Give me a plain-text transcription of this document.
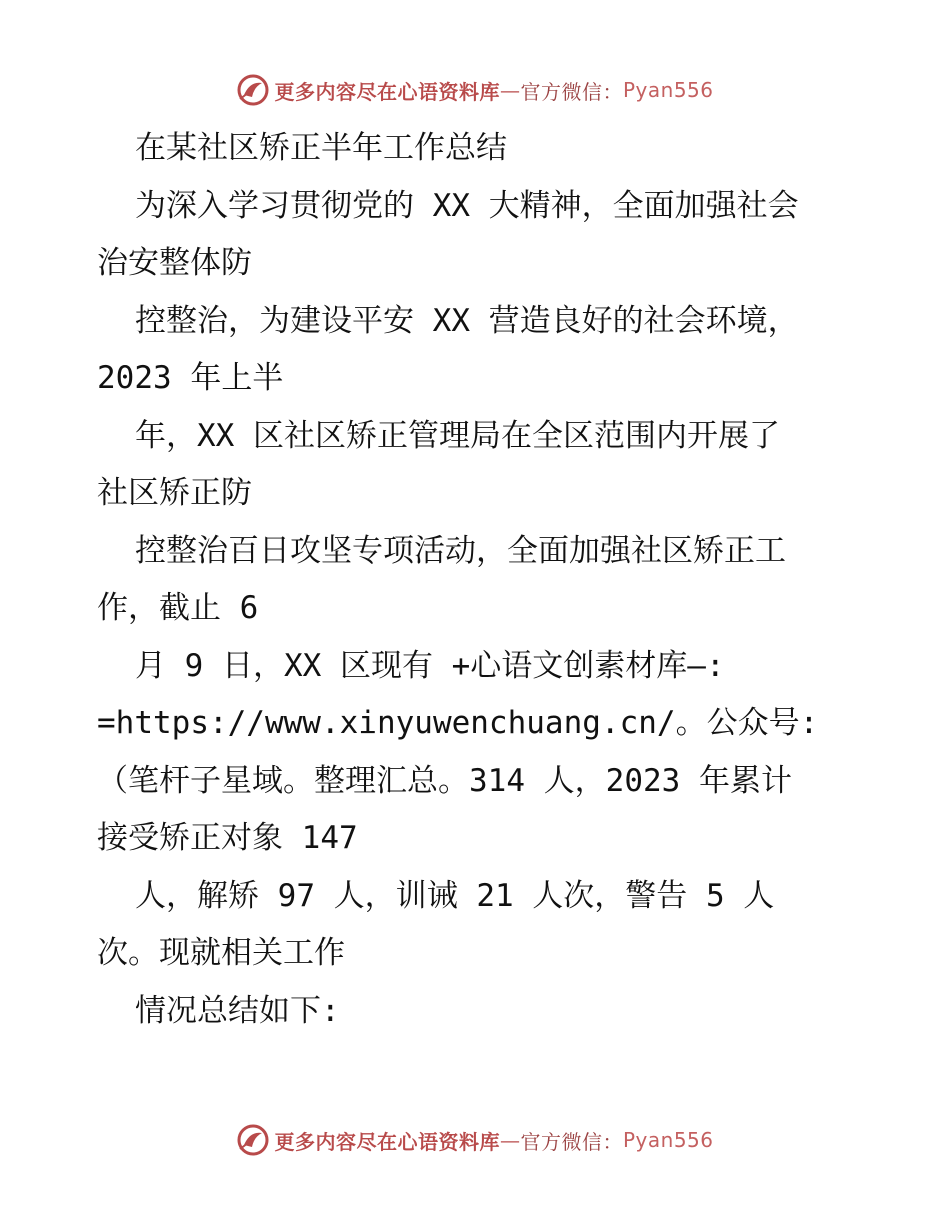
更多内容尽在心语资料库 — 官方微信： Pyan556
在某社区矫正半年工作总结
为深入学习贯彻党的 XX 大精神，全面加强社会
治安整体防
控整治，为建设平安 XX 营造良好的社会环境，
2023 年上半
年，XX 区社区矫正管理局在全区范围内开展了
社区矫正防
控整治百日攻坚专项活动，全面加强社区矫正工
作，截止 6
月 9 日，XX 区现有 +心语文创素材库—:
=https://www.xinyuwenchuang.cn/。公众号:
（笔杆子星域。整理汇总。314 人，2023 年累计
接受矫正对象 147
人，解矫 97 人，训诫 21 人次，警告 5 人
次。现就相关工作
情况总结如下:
更多内容尽在心语资料库 — 官方微信： Pyan556
